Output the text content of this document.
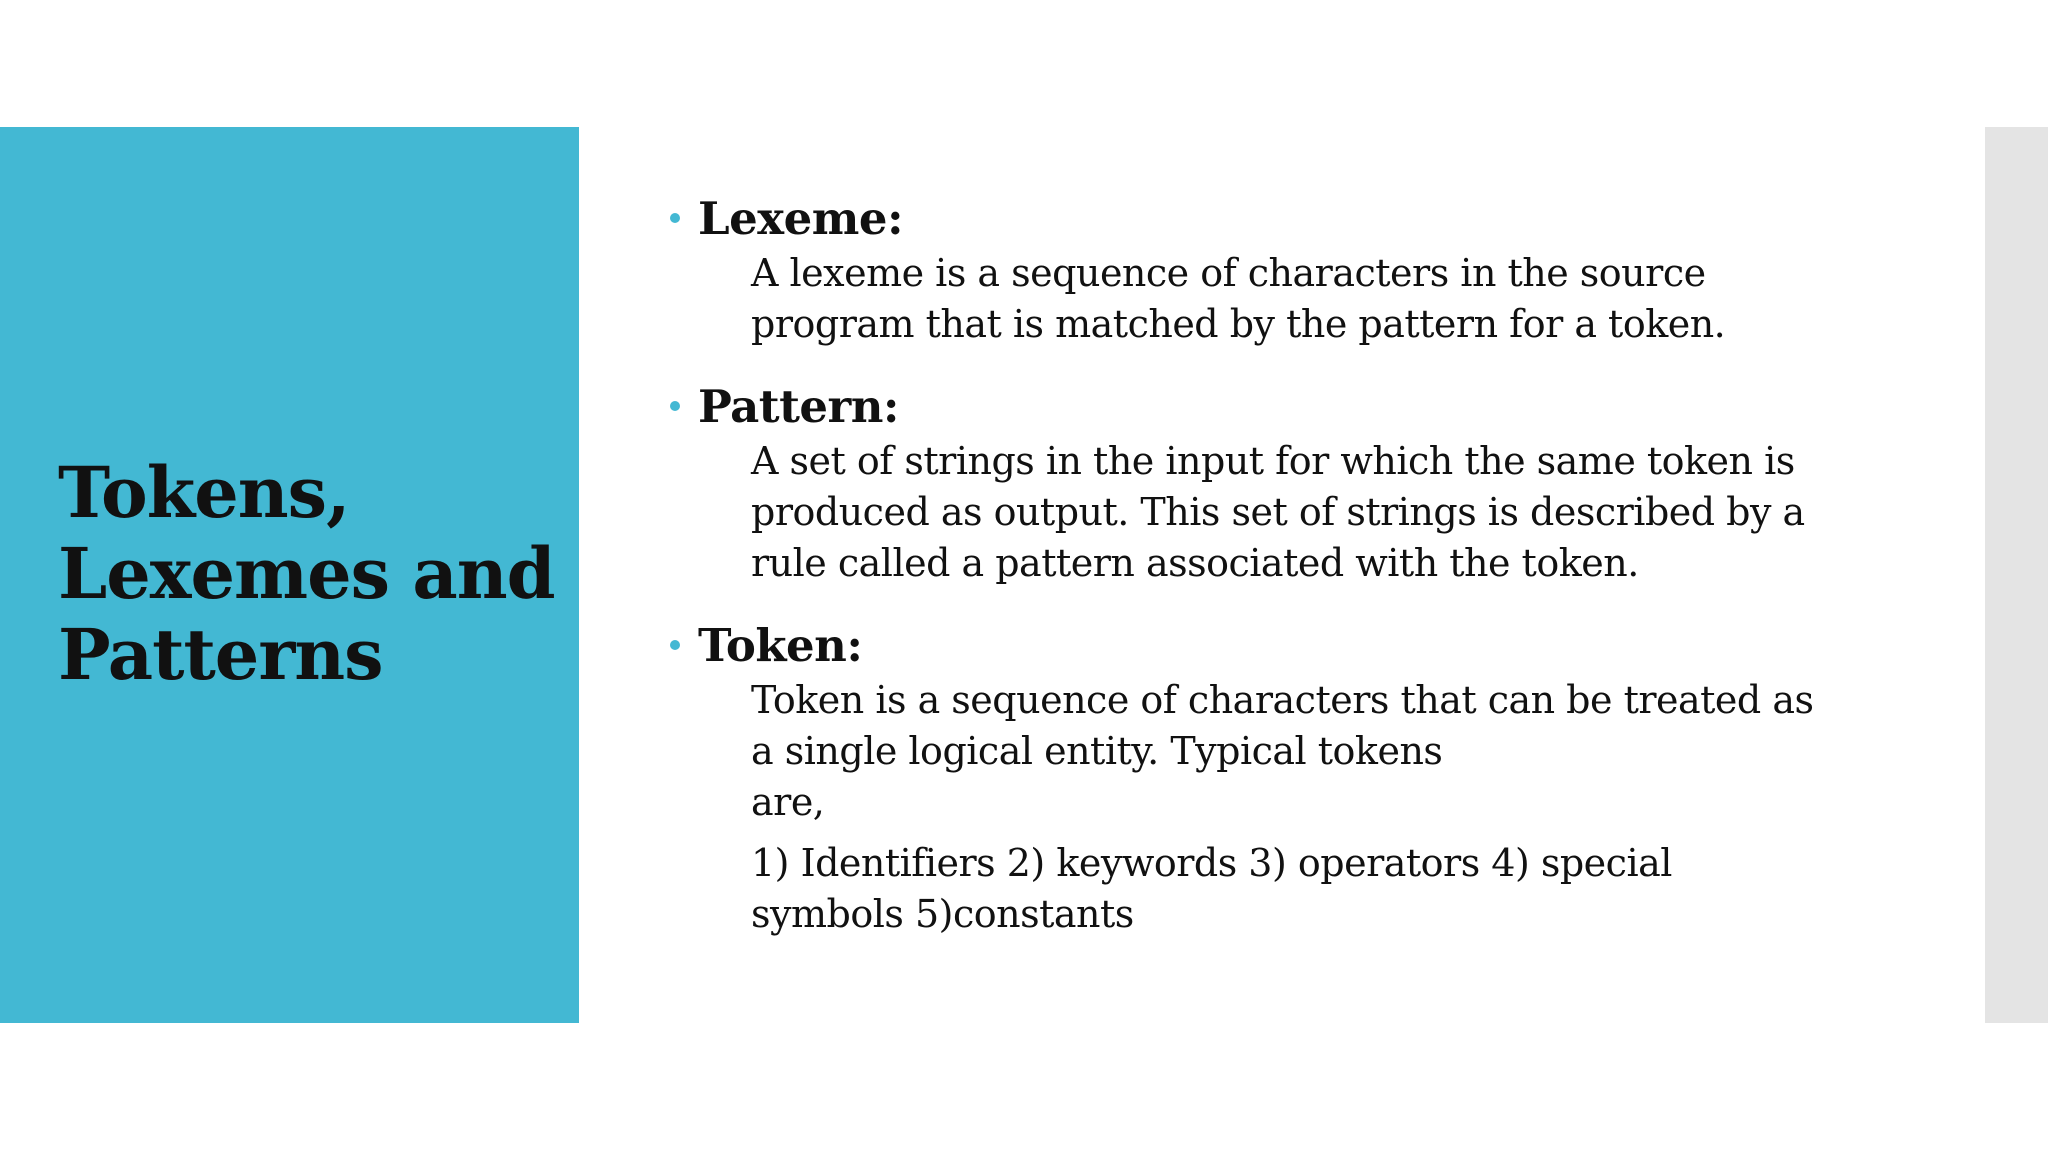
Tokens,
Lexemes and
Patterns
Lexeme:
A lexeme is a sequence of characters in the source
program that is matched by the pattern for a token.
Pattern:
A set of strings in the input for which the same token is
produced as output. This set of strings is described by a
rule called a pattern associated with the token.
Token:
Token is a sequence of characters that can be treated as
a single logical entity. Typical tokens
are,
1) Identifiers 2) keywords 3) operators 4) special
symbols 5)constants
